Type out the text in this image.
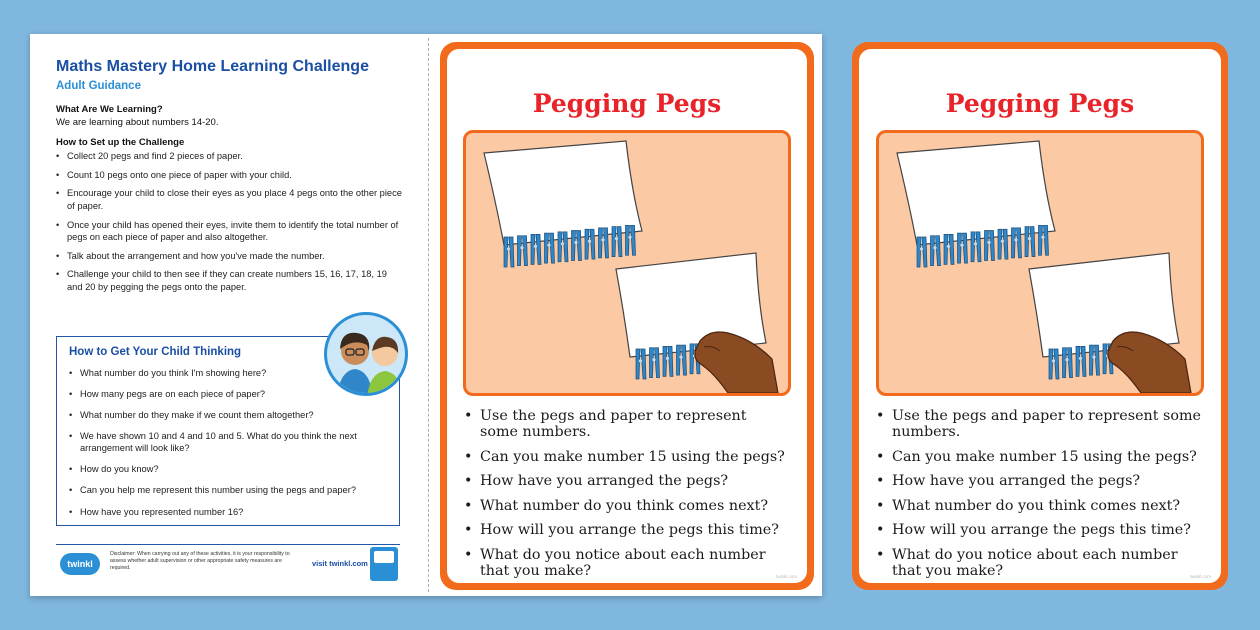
Maths Mastery Home Learning Challenge
Adult Guidance
What Are We Learning?
We are learning about numbers 14-20.
How to Set up the Challenge
• Collect 20 pegs and find 2 pieces of paper.
• Count 10 pegs onto one piece of paper with your child.
• Encourage your child to close their eyes as you place 4 pegs onto the other piece of paper.
• Once your child has opened their eyes, invite them to identify the total number of pegs on each piece of paper and also altogether.
• Talk about the arrangement and how you've made the number.
• Challenge your child to then see if they can create numbers 15, 16, 17, 18, 19 and 20 by pegging the pegs onto the paper.
How to Get Your Child Thinking
• What number do you think I'm showing here?
• How many pegs are on each piece of paper?
• What number do they make if we count them altogether?
• We have shown 10 and 4 and 10 and 5. What do you think the next arrangement will look like?
• How do you know?
• Can you help me represent this number using the pegs and paper?
• How have you represented number 16?
twinkl
Disclaimer: When carrying out any of these activities, it is your responsibility to assess whether adult supervision or other appropriate safety measures are required.	visit twinkl.com
Pegging Pegs
• Use the pegs and paper to represent some numbers.
• Can you make number 15 using the pegs?
• How have you arranged the pegs?
• What number do you think comes next?
• How will you arrange the pegs this time?
• What do you notice about each number that you make?	twinkl.com
Pegging Pegs
• Use the pegs and paper to represent some numbers.
• Can you make number 15 using the pegs?
• How have you arranged the pegs?
• What number do you think comes next?
• How will you arrange the pegs this time?
• What do you notice about each number that you make?	twinkl.com
